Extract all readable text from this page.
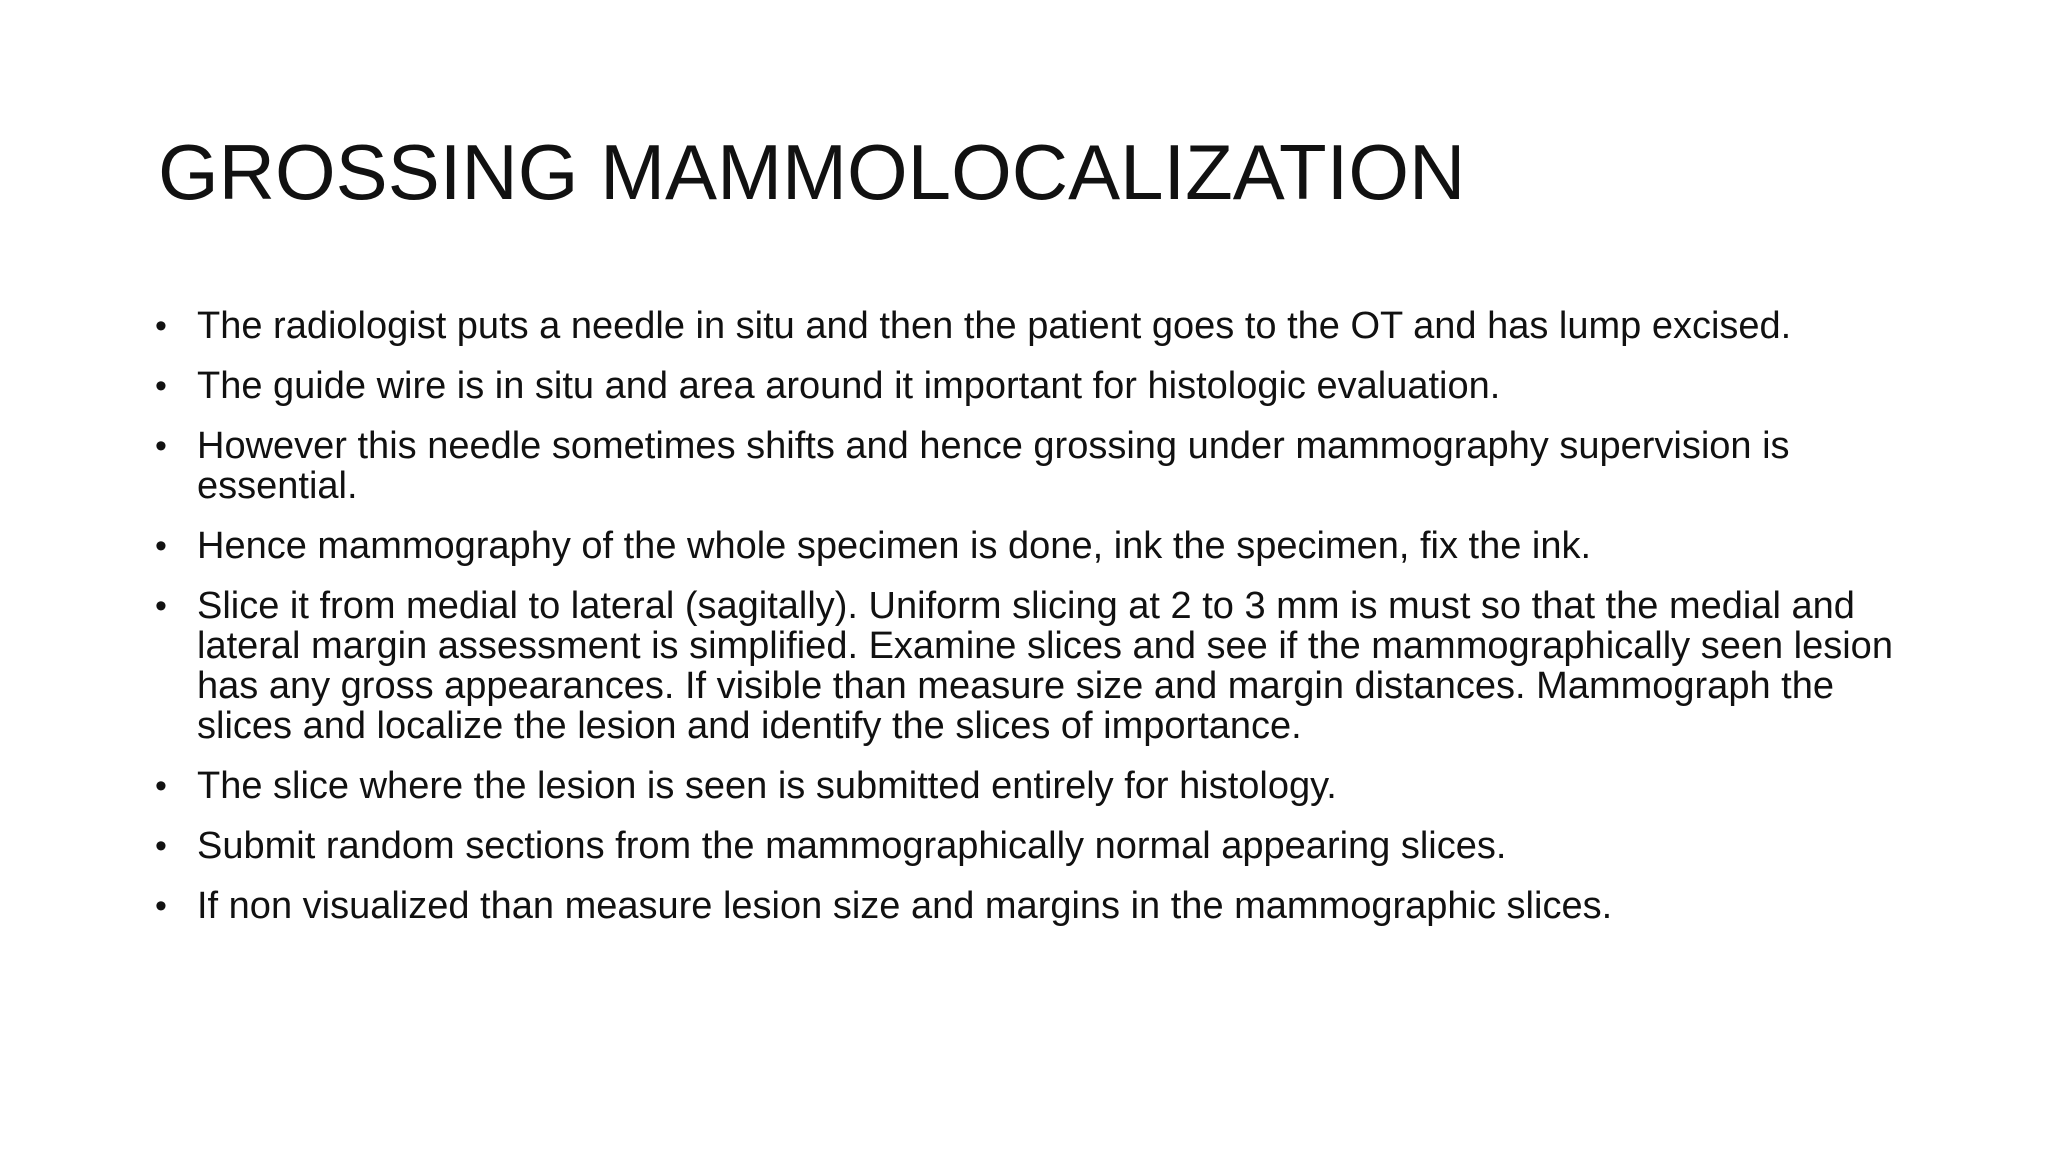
GROSSING MAMMOLOCALIZATION
• The radiologist puts a needle in situ and then the patient goes to the OT and has lump excised.
• The guide wire is in situ and area around it important for histologic evaluation.
• However this needle sometimes shifts and hence grossing under mammography supervision is essential.
• Hence mammography of the whole specimen is done, ink the specimen, fix the ink.
• Slice it from medial to lateral (sagitally). Uniform slicing at 2 to 3 mm is must so that the medial and lateral margin assessment is simplified. Examine slices and see if the mammographically seen lesion has any gross appearances. If visible than measure size and margin distances. Mammograph the slices and localize the lesion and identify the slices of importance.
• The slice where the lesion is seen is submitted entirely for histology.
• Submit random sections from the mammographically normal appearing slices.
• If non visualized than measure lesion size and margins in the mammographic slices.
